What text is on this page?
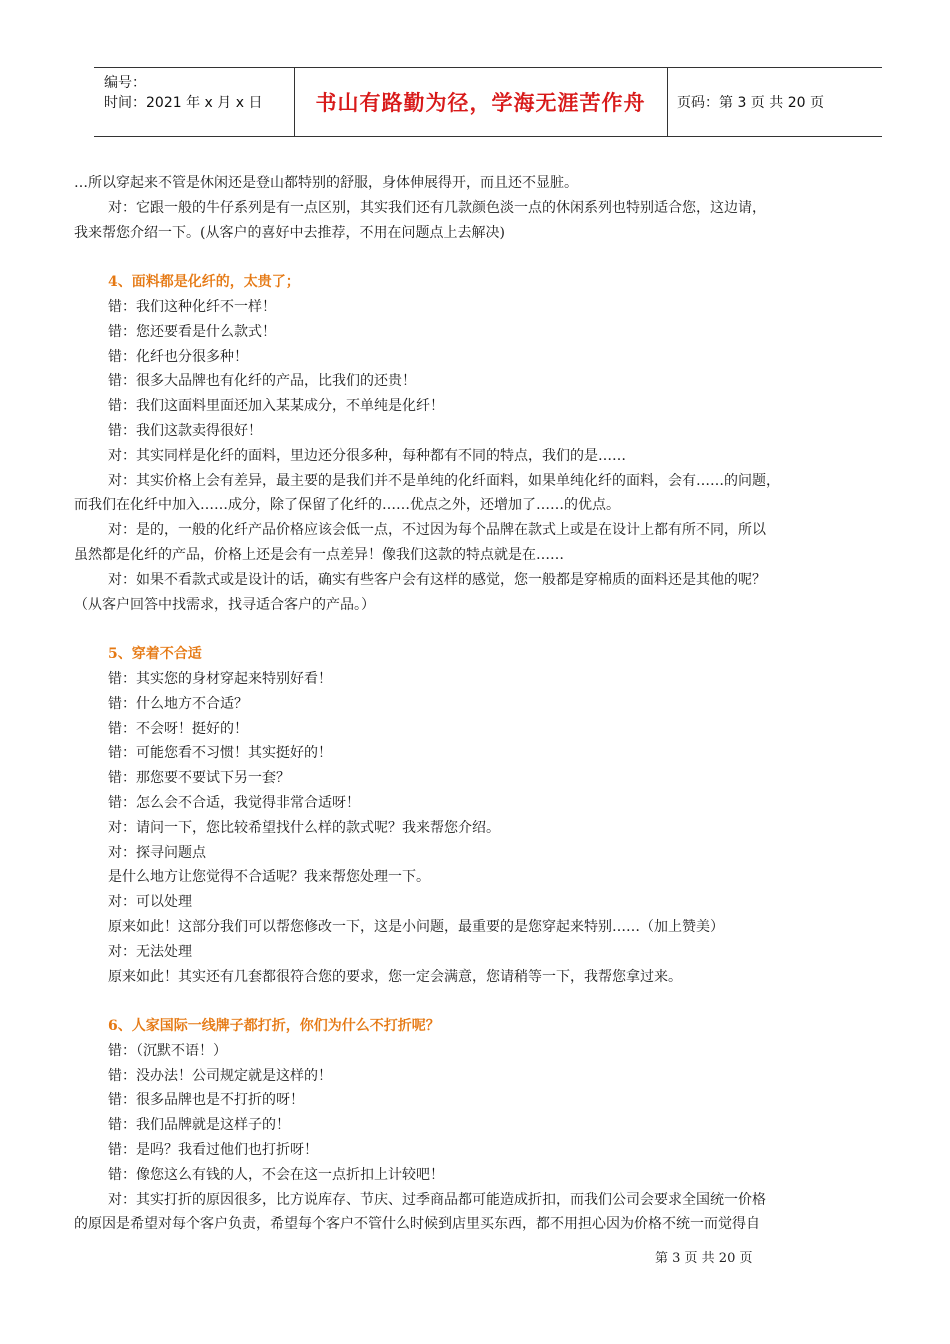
编号：
时间：2021 年 x 月 x 日	书山有路勤为径，学海无涯苦作舟 页码：第 3 页 共 20 页

…所以穿起来不管是休闲还是登山都特别的舒服，身体伸展得开，而且还不显脏。

对：它跟一般的牛仔系列是有一点区别，其实我们还有几款颜色淡一点的休闲系列也特别适合您，这边请，

我来帮您介绍一下。(从客户的喜好中去推荐，不用在问题点上去解决)

4、面料都是化纤的，太贵了；

错：我们这种化纤不一样！

错：您还要看是什么款式！

错：化纤也分很多种！

错：很多大品牌也有化纤的产品，比我们的还贵！

错：我们这面料里面还加入某某成分，不单纯是化纤！

错：我们这款卖得很好！

对：其实同样是化纤的面料，里边还分很多种，每种都有不同的特点，我们的是……

对：其实价格上会有差异，最主要的是我们并不是单纯的化纤面料，如果单纯化纤的面料，会有……的问题，

而我们在化纤中加入……成分，除了保留了化纤的……优点之外，还增加了……的优点。

对：是的，一般的化纤产品价格应该会低一点，不过因为每个品牌在款式上或是在设计上都有所不同，所以

虽然都是化纤的产品，价格上还是会有一点差异！像我们这款的特点就是在……

对：如果不看款式或是设计的话，确实有些客户会有这样的感觉，您一般都是穿棉质的面料还是其他的呢？

（从客户回答中找需求，找寻适合客户的产品。）

5、穿着不合适

错：其实您的身材穿起来特别好看！

错：什么地方不合适？

错：不会呀！挺好的！

错：可能您看不习惯！其实挺好的！

错：那您要不要试下另一套？

错：怎么会不合适，我觉得非常合适呀！

对：请问一下，您比较希望找什么样的款式呢？我来帮您介绍。

对：探寻问题点

是什么地方让您觉得不合适呢？我来帮您处理一下。

对：可以处理

原来如此！这部分我们可以帮您修改一下，这是小问题，最重要的是您穿起来特别……（加上赞美）

对：无法处理

原来如此！其实还有几套都很符合您的要求，您一定会满意，您请稍等一下，我帮您拿过来。

6、人家国际一线牌子都打折，你们为什么不打折呢？

错：（沉默不语！）

错：没办法！公司规定就是这样的！

错：很多品牌也是不打折的呀！

错：我们品牌就是这样子的！

错：是吗？我看过他们也打折呀！

错：像您这么有钱的人，不会在这一点折扣上计较吧！

对：其实打折的原因很多，比方说库存、节庆、过季商品都可能造成折扣，而我们公司会要求全国统一价格

的原因是希望对每个客户负责，希望每个客户不管什么时候到店里买东西，都不用担心因为价格不统一而觉得自

第 3 页 共 20 页
